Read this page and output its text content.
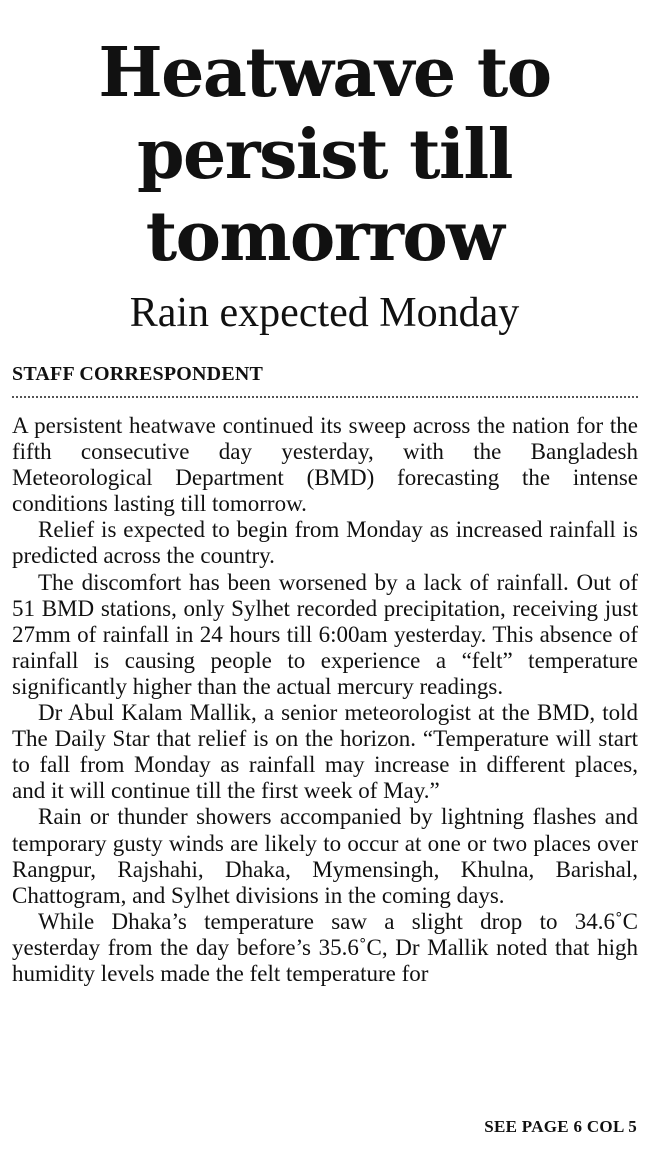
Heatwave to
persist till
tomorrow
Rain expected Monday
STAFF CORRESPONDENT

A persistent heatwave continued its sweep across the nation for the fifth consecutive day yesterday, with the Bangladesh Meteorological Department (BMD) forecasting the intense conditions lasting till tomorrow.

Relief is expected to begin from Monday as increased rainfall is predicted across the country.

The discomfort has been worsened by a lack of rainfall. Out of 51 BMD stations, only Sylhet recorded precipitation, receiving just 27mm of rainfall in 24 hours till 6:00am yesterday. This absence of rainfall is causing people to experience a “felt” temperature significantly higher than the actual mercury readings.

Dr Abul Kalam Mallik, a senior meteorologist at the BMD, told The Daily Star that relief is on the horizon. “Temperature will start to fall from Monday as rainfall may increase in different places, and it will continue till the first week of May.”

Rain or thunder showers accompanied by lightning flashes and temporary gusty winds are likely to occur at one or two places over Rangpur, Rajshahi, Dhaka, Mymensingh, Khulna, Barishal, Chattogram, and Sylhet divisions in the coming days.

While Dhaka’s temperature saw a slight drop to 34.6˚C yesterday from the day before’s 35.6˚C, Dr Mallik noted that high humidity levels made the felt temperature for

SEE PAGE 6 COL 5
